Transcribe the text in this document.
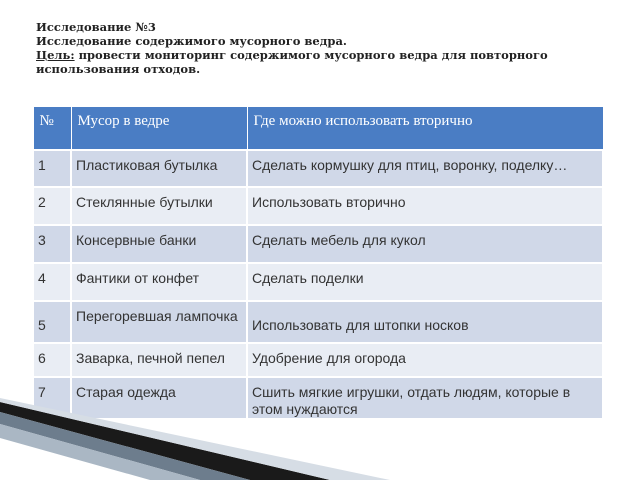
Исследование №3
Исследование содержимого мусорного ведра.
Цель: провести мониторинг содержимого мусорного ведра для повторного использования отходов.
№	Мусор в ведре	Где можно использовать вторично
1	Пластиковая бутылка	Сделать кормушку для птиц, воронку, поделку…
2	Стеклянные бутылки	Использовать вторично
3	Консервные банки	Сделать мебель для кукол
4	Фантики от конфет	Сделать поделки
5	Перегоревшая лампочка	Использовать для штопки носков
6	Заварка, печной пепел	Удобрение для огорода
7	Старая одежда	Сшить мягкие игрушки, отдать людям, которые в этом нуждаются
